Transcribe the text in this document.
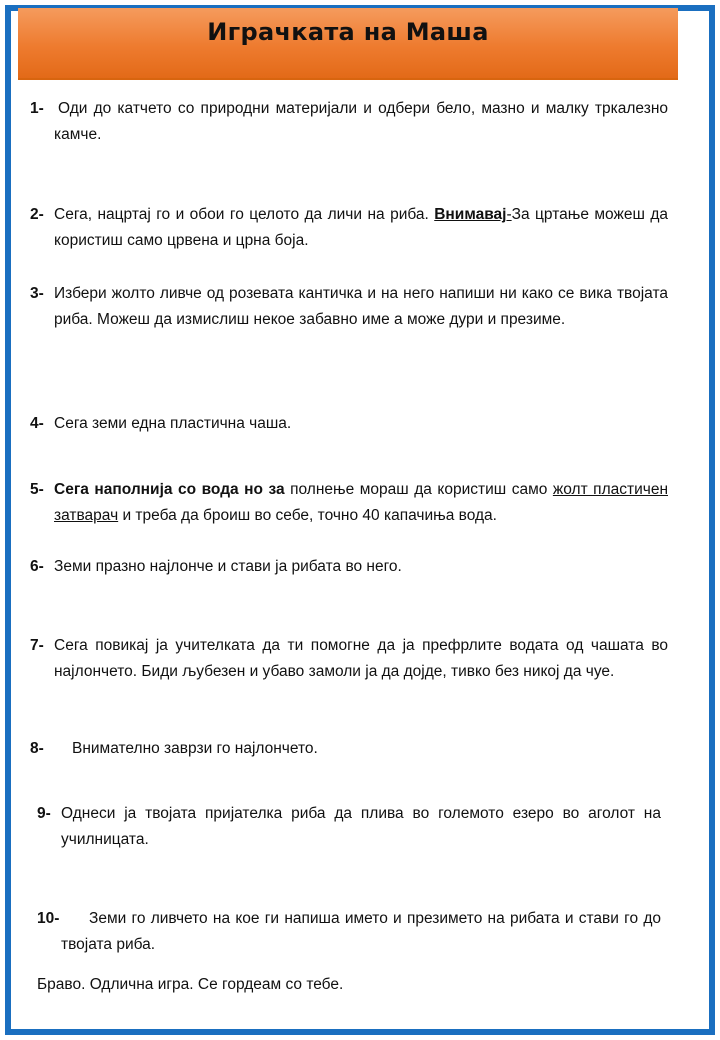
Играчката на Маша
1- Оди до катчето со природни материјали и одбери бело, мазно и малку тркалезно камче.
2- Сега, нацртај го и обои го целото да личи на риба. Внимавај-За цртање можеш да користиш само црвена и црна боја.
3- Избери жолто ливче од розевата кантичка и на него напиши ни како се вика твојата риба. Можеш да измислиш некое забавно име а може дури и презиме.
4- Сега земи една пластична чаша.
5- Сега наполнија со вода но за полнење мораш да користиш само жолт пластичен затварач и треба да броиш во себе, точно 40 капачиња вода.
6- Земи празно најлонче и стави ја рибата во него.
7- Сега повикај ја учителката да ти помогне да ја префрлите водата од чашата во најлончето. Биди љубезен и убаво замоли ја да дојде, тивко без никој да чуе.
8-	Внимателно заврзи го најлончето.
9- Однеси ја твојата пријателка риба да плива во големото езеро во аголот на училницата.
10-	Земи го ливчето на кое ги напиша името и презимето на рибата и стави го до твојата риба.
Браво. Одлична игра. Се гордеам со тебе.
